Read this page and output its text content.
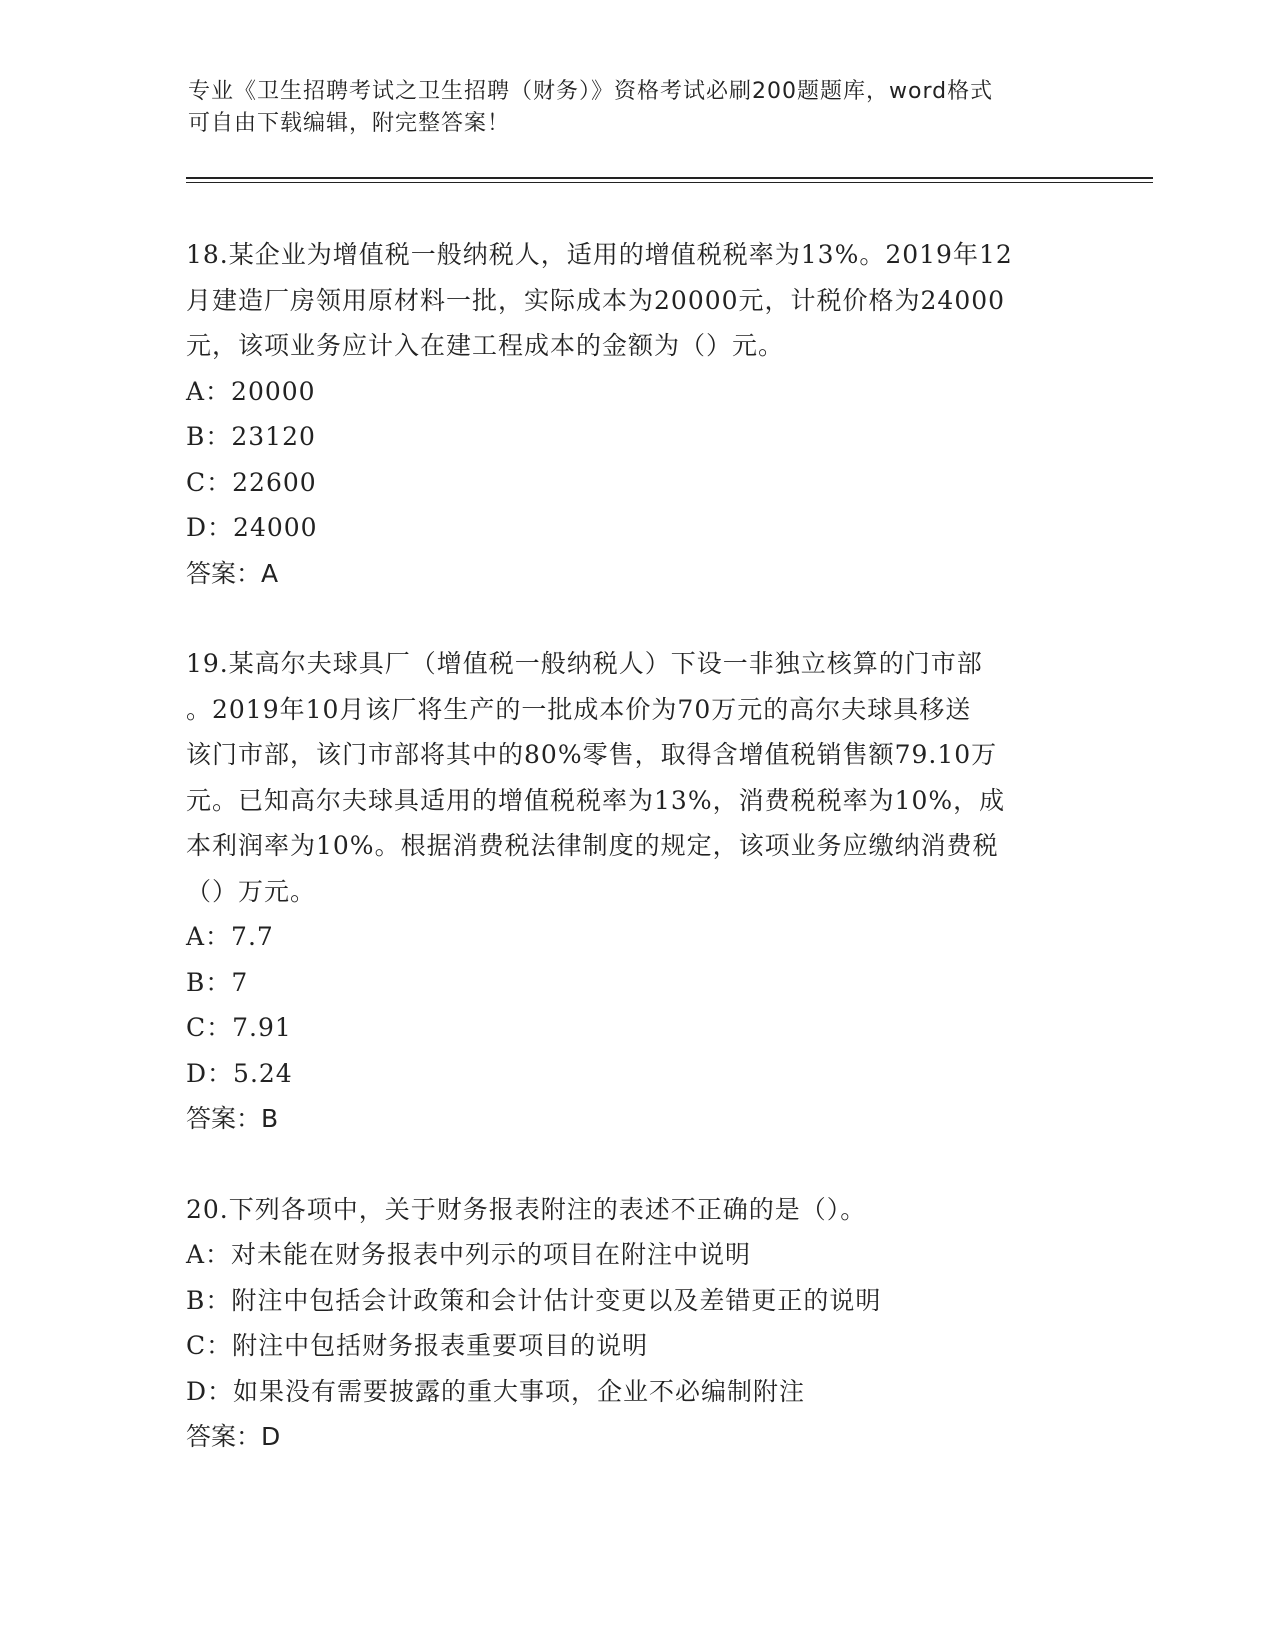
专业《卫生招聘考试之卫生招聘（财务）》资格考试必刷200题题库，word格式
可自由下载编辑，附完整答案！
18.某企业为增值税一般纳税人，适用的增值税税率为13%。2019年12
月建造厂房领用原材料一批，实际成本为20000元，计税价格为24000
元，该项业务应计入在建工程成本的金额为（）元。
A：20000
B：23120
C：22600
D：24000
答案：A
19.某高尔夫球具厂（增值税一般纳税人）下设一非独立核算的门市部
。2019年10月该厂将生产的一批成本价为70万元的高尔夫球具移送
该门市部，该门市部将其中的80%零售，取得含增值税销售额79.10万
元。已知高尔夫球具适用的增值税税率为13%，消费税税率为10%，成
本利润率为10%。根据消费税法律制度的规定，该项业务应缴纳消费税
（）万元。
A：7.7
B：7
C：7.91
D：5.24
答案：B
20.下列各项中，关于财务报表附注的表述不正确的是（）。
A：对未能在财务报表中列示的项目在附注中说明
B：附注中包括会计政策和会计估计变更以及差错更正的说明
C：附注中包括财务报表重要项目的说明
D：如果没有需要披露的重大事项，企业不必编制附注
答案：D
